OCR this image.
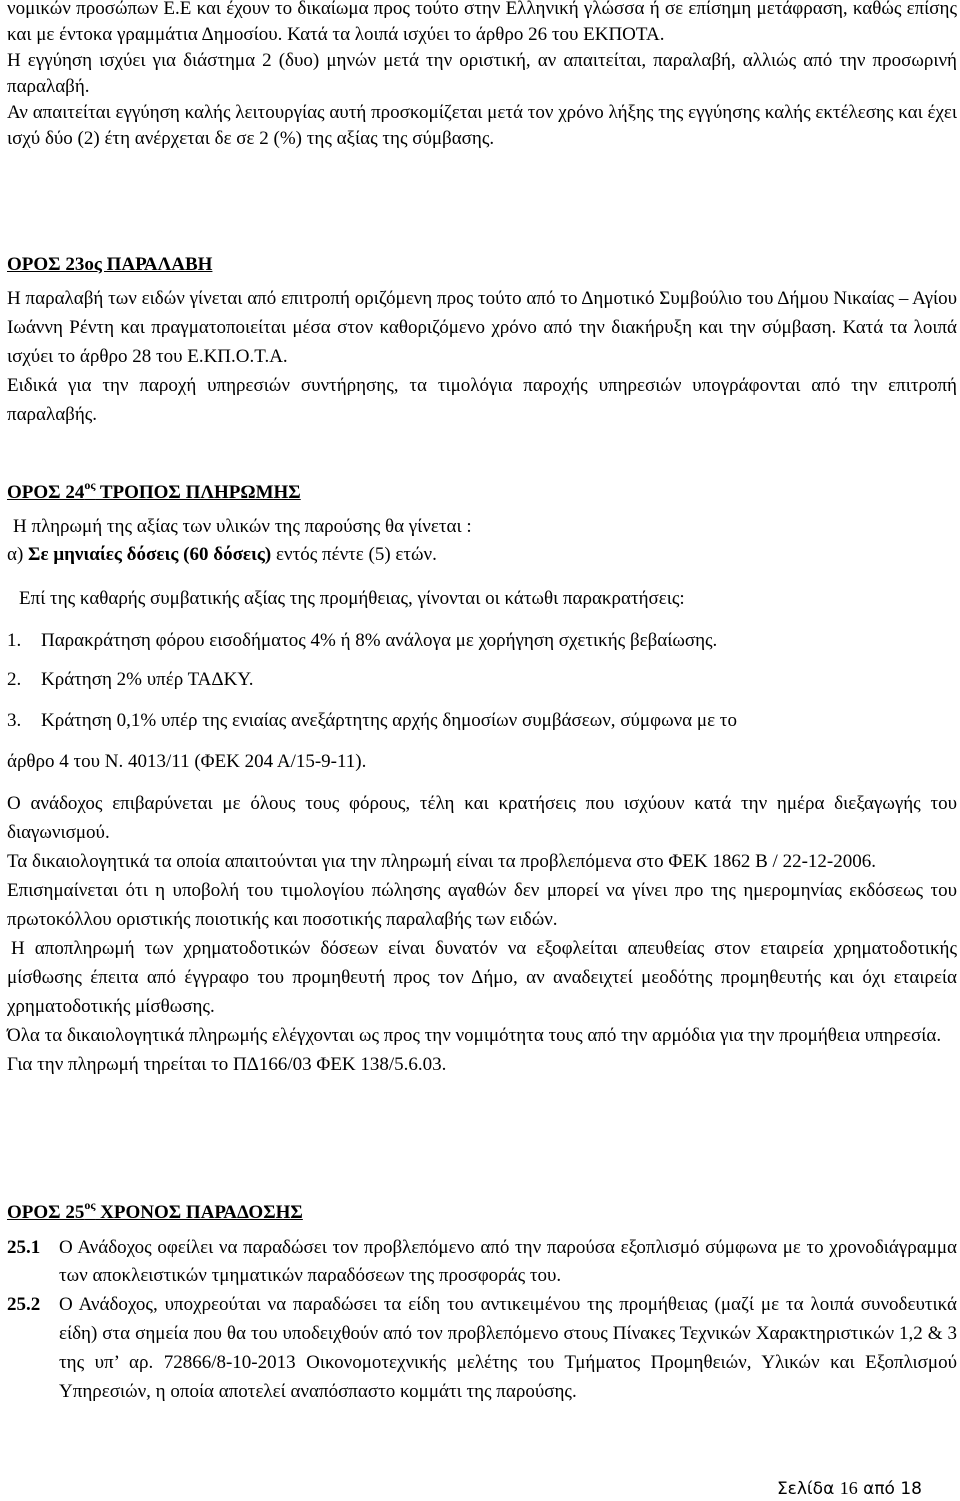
νομικών προσώπων Ε.Ε και έχουν το δικαίωμα προς τούτο στην Ελληνική γλώσσα ή σε επίσημη μετάφραση, καθώς επίσης και με έντοκα γραμμάτια Δημοσίου. Κατά τα λοιπά ισχύει το άρθρο 26 του ΕΚΠΟΤΑ.

Η εγγύηση ισχύει για διάστημα 2 (δυο) μηνών μετά την οριστική, αν απαιτείται, παραλαβή, αλλιώς από την προσωρινή παραλαβή.

Αν απαιτείται εγγύηση καλής λειτουργίας αυτή προσκομίζεται μετά τον χρόνο λήξης της εγγύησης καλής εκτέλεσης και έχει ισχύ δύο (2) έτη ανέρχεται δε σε 2 (%) της αξίας της σύμβασης.

ΟΡΟΣ 23ος ΠΑΡΑΛΑΒΗ

Η παραλαβή των ειδών γίνεται από επιτροπή οριζόμενη προς τούτο από το Δημοτικό Συμβούλιο του Δήμου Νικαίας – Αγίου Ιωάννη Ρέντη και πραγματοποιείται μέσα στον καθοριζόμενο χρόνο από την διακήρυξη και την σύμβαση. Κατά τα λοιπά ισχύει το άρθρο 28 του Ε.ΚΠ.Ο.Τ.Α.

Ειδικά για την παροχή υπηρεσιών συντήρησης, τα τιμολόγια παροχής υπηρεσιών υπογράφονται από την επιτροπή παραλαβής.

ΟΡΟΣ $24^{o\varsigma}$ ΤΡΟΠΟΣ ΠΛΗΡΩΜΗΣ

Η πληρωμή της αξίας των υλικών της παρούσης θα γίνεται :

α) Σε μηνιαίες δόσεις (60 δόσεις) εντός πέντε (5) ετών.

Επί της καθαρής συμβατικής αξίας της προμήθειας, γίνονται οι κάτωθι παρακρατήσεις:

1.	Παρακράτηση φόρου εισοδήματος 4% ή 8% ανάλογα με χορήγηση σχετικής βεβαίωσης.
2.	Κράτηση 2% υπέρ ΤΑΔΚΥ.
3.	Κράτηση 0,1% υπέρ της ενιαίας ανεξάρτητης αρχής δημοσίων συμβάσεων, σύμφωνα με το

άρθρο 4 του Ν. 4013/11 (ΦΕΚ 204 Α/15-9-11).

Ο ανάδοχος επιβαρύνεται με όλους τους φόρους, τέλη και κρατήσεις που ισχύουν κατά την ημέρα διεξαγωγής του διαγωνισμού.

Τα δικαιολογητικά τα οποία απαιτούνται για την πληρωμή είναι τα προβλεπόμενα στο ΦΕΚ 1862 Β / 22-12-2006.

Επισημαίνεται ότι η υποβολή του τιμολογίου πώλησης αγαθών δεν μπορεί να γίνει προ της ημερομηνίας εκδόσεως του πρωτοκόλλου οριστικής ποιοτικής και ποσοτικής παραλαβής των ειδών.

Η αποπληρωμή των χρηματοδοτικών δόσεων είναι δυνατόν να εξοφλείται απευθείας στον εταιρεία χρηματοδοτικής μίσθωσης έπειτα από έγγραφο του προμηθευτή προς τον Δήμο, αν αναδειχτεί μεοδότης προμηθευτής και όχι εταιρεία χρηματοδοτικής μίσθωσης.

Όλα τα δικαιολογητικά πληρωμής ελέγχονται ως προς την νομιμότητα τους από την αρμόδια για την προμήθεια υπηρεσία.

Για την πληρωμή τηρείται το ΠΔ166/03 ΦΕΚ 138/5.6.03.

ΟΡΟΣ $25^{o\varsigma}$ ΧΡΟΝΟΣ ΠΑΡΑΔΟΣΗΣ
25.1 Ο Ανάδοχος οφείλει να παραδώσει τον προβλεπόμενο από την παρούσα εξοπλισμό σύμφωνα με το χρονοδιάγραμμα των αποκλειστικών τμηματικών παραδόσεων της προσφοράς του.
25.2 Ο Ανάδοχος, υποχρεούται να παραδώσει τα είδη του αντικειμένου της προμήθειας (μαζί με τα λοιπά συνοδευτικά είδη) στα σημεία που θα του υποδειχθούν από τον προβλεπόμενο στους Πίνακες Τεχνικών Χαρακτηριστικών 1,2 & 3 της υπ’ αρ. 72866/8-10-2013 Οικονομοτεχνικής μελέτης του Τμήματος Προμηθειών, Υλικών και Εξοπλισμού Υπηρεσιών, η οποία αποτελεί αναπόσπαστο κομμάτι της παρούσης.
Σελίδα 16 από 18
